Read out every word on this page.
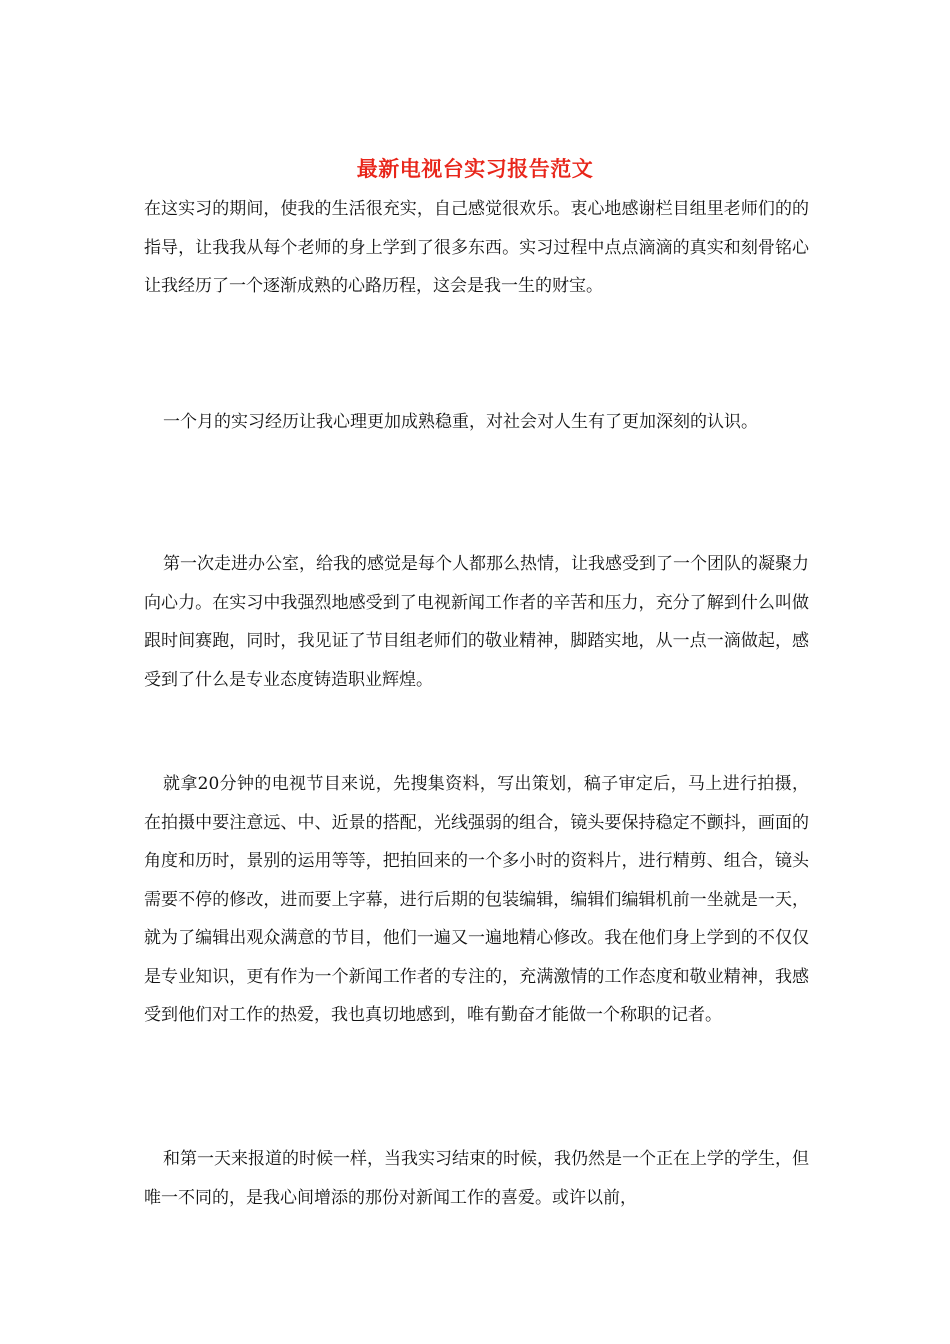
最新电视台实习报告范文

在这实习的期间，使我的生活很充实，自己感觉很欢乐。衷心地感谢栏目组里老师们的的指导，让我我从每个老师的身上学到了很多东西。实习过程中点点滴滴的真实和刻骨铭心让我经历了一个逐渐成熟的心路历程，这会是我一生的财宝。

一个月的实习经历让我心理更加成熟稳重，对社会对人生有了更加深刻的认识。

第一次走进办公室，给我的感觉是每个人都那么热情，让我感受到了一个团队的凝聚力向心力。在实习中我强烈地感受到了电视新闻工作者的辛苦和压力，充分了解到什么叫做跟时间赛跑，同时，我见证了节目组老师们的敬业精神，脚踏实地，从一点一滴做起，感受到了什么是专业态度铸造职业辉煌。

就拿20分钟的电视节目来说，先搜集资料，写出策划，稿子审定后，马上进行拍摄，在拍摄中要注意远、中、近景的搭配，光线强弱的组合，镜头要保持稳定不颤抖，画面的角度和历时，景别的运用等等，把拍回来的一个多小时的资料片，进行精剪、组合，镜头需要不停的修改，进而要上字幕，进行后期的包装编辑，编辑们编辑机前一坐就是一天，就为了编辑出观众满意的节目，他们一遍又一遍地精心修改。我在他们身上学到的不仅仅是专业知识，更有作为一个新闻工作者的专注的，充满激情的工作态度和敬业精神，我感受到他们对工作的热爱，我也真切地感到，唯有勤奋才能做一个称职的记者。

和第一天来报道的时候一样，当我实习结束的时候，我仍然是一个正在上学的学生，但唯一不同的，是我心间增添的那份对新闻工作的喜爱。或许以前，
